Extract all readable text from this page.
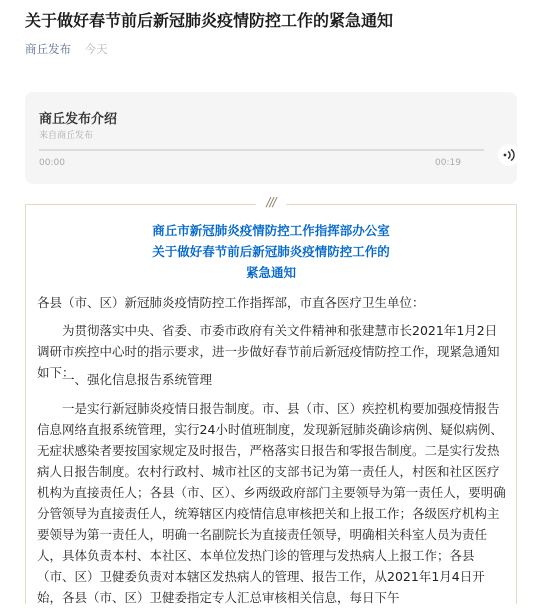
关于做好春节前后新冠肺炎疫情防控工作的紧急通知
商丘发布 今天
商丘发布介绍
来自商丘发布
00:00	00:19
///
商丘市新冠肺炎疫情防控工作指挥部办公室
关于做好春节前后新冠肺炎疫情防控工作的
紧急通知
各县（市、区）新冠肺炎疫情防控工作指挥部，市直各医疗卫生单位：
为贯彻落实中央、省委、市委市政府有关文件精神和张建慧市长2021年1月2日调研市疾控中心时的指示要求，进一步做好春节前后新冠疫情防控工作，现紧急通知如下：
一、强化信息报告系统管理
一是实行新冠肺炎疫情日报告制度。市、县（市、区）疾控机构要加强疫情报告信息网络直报系统管理，实行24小时值班制度，发现新冠肺炎确诊病例、疑似病例、无症状感染者要按国家规定及时报告，严格落实日报告和零报告制度。二是实行发热病人日报告制度。农村行政村、城市社区的支部书记为第一责任人，村医和社区医疗机构为直接责任人；各县（市、区）、乡两级政府部门主要领导为第一责任人，要明确分管领导为直接责任人，统筹辖区内疫情信息审核把关和上报工作；各级医疗机构主要领导为第一责任人，明确一名副院长为直接责任领导，明确相关科室人员为责任人，具体负责本村、本社区、本单位发热门诊的管理与发热病人上报工作；各县（市、区）卫健委负责对本辖区发热病人的管理、报告工作，从2021年1月4日开始，各县（市、区）卫健委指定专人汇总审核相关信息，每日下午
